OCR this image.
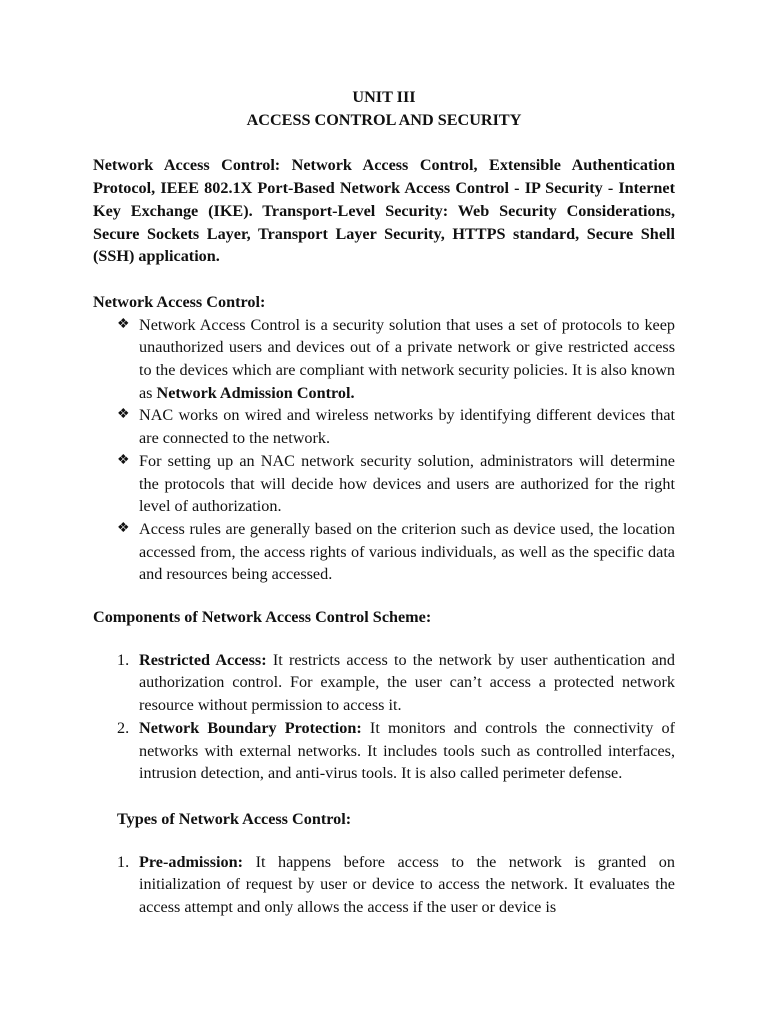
UNIT III

ACCESS CONTROL AND SECURITY

Network Access Control: Network Access Control, Extensible Authentication Protocol, IEEE 802.1X Port-Based Network Access Control - IP Security - Internet Key Exchange (IKE). Transport-Level Security: Web Security Considerations, Secure Sockets Layer, Transport Layer Security, HTTPS standard, Secure Shell (SSH) application.

Network Access Control:

❖ Network Access Control is a security solution that uses a set of protocols to keep unauthorized users and devices out of a private network or give restricted access to the devices which are compliant with network security policies. It is also known as Network Admission Control.
❖ NAC works on wired and wireless networks by identifying different devices that are connected to the network.
❖ For setting up an NAC network security solution, administrators will determine the protocols that will decide how devices and users are authorized for the right level of authorization.
❖ Access rules are generally based on the criterion such as device used, the location accessed from, the access rights of various individuals, as well as the specific data and resources being accessed.

Components of Network Access Control Scheme:

1. Restricted Access: It restricts access to the network by user authentication and authorization control. For example, the user can’t access a protected network resource without permission to access it.
2. Network Boundary Protection: It monitors and controls the connectivity of networks with external networks. It includes tools such as controlled interfaces, intrusion detection, and anti-virus tools. It is also called perimeter defense.

Types of Network Access Control:

1. Pre-admission: It happens before access to the network is granted on initialization of request by user or device to access the network. It evaluates the access attempt and only allows the access if the user or device is
